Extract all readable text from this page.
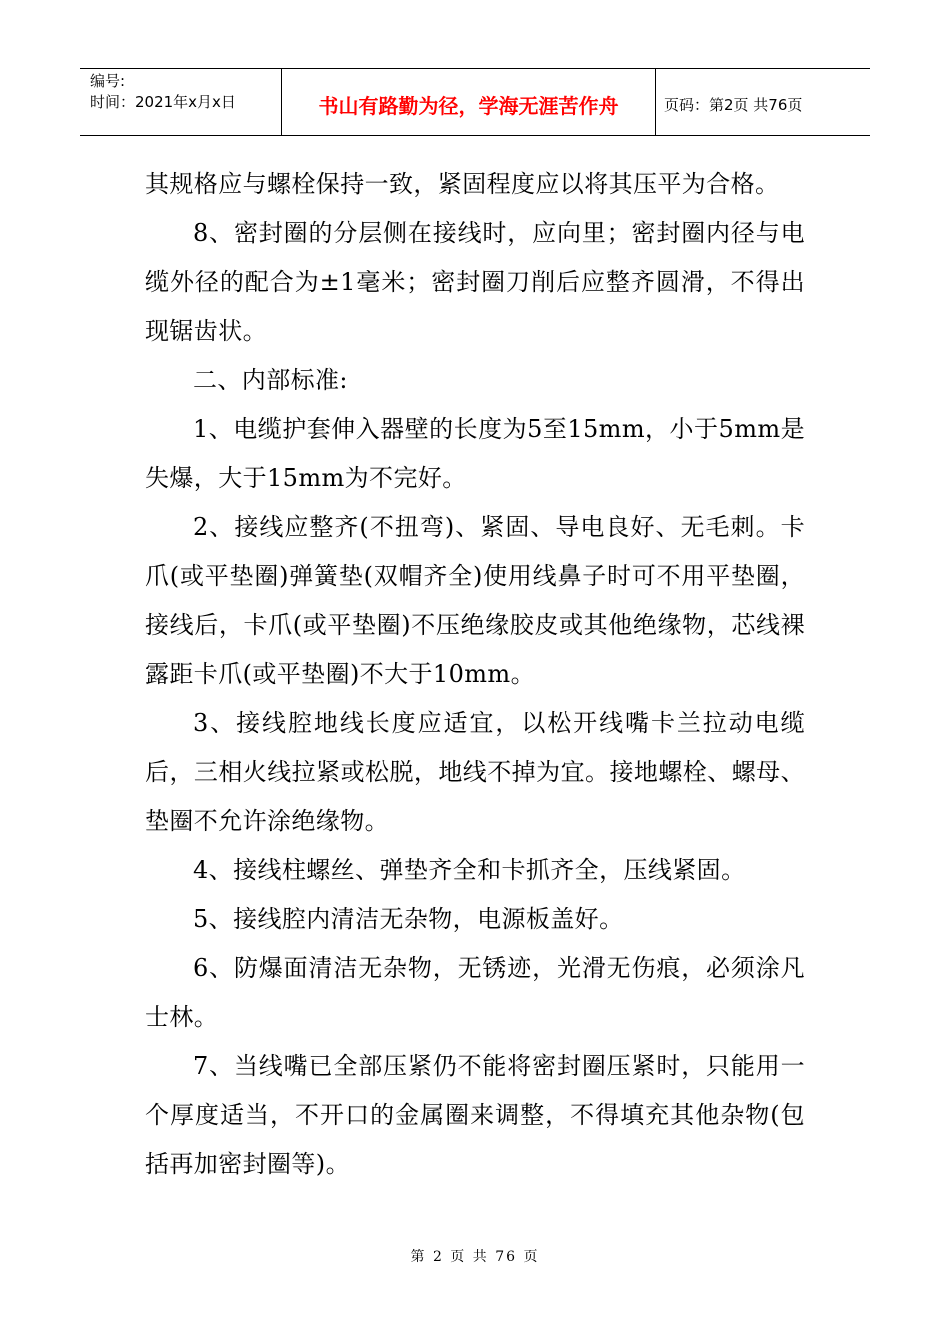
编号:
时间：2021年x月x日	书山有路勤为径，学海无涯苦作舟	页码：第2页 共76页

其规格应与螺栓保持一致，紧固程度应以将其压平为合格。

8、密封圈的分层侧在接线时，应向里；密封圈内径与电缆外径的配合为±1毫米；密封圈刀削后应整齐圆滑，不得出现锯齿状。

二、内部标准:

1、电缆护套伸入器壁的长度为5至15mm，小于5mm是失爆，大于15mm为不完好。

2、接线应整齐(不扭弯)、紧固、导电良好、无毛刺。卡爪(或平垫圈)弹簧垫(双帽齐全)使用线鼻子时可不用平垫圈，接线后，卡爪(或平垫圈)不压绝缘胶皮或其他绝缘物，芯线裸露距卡爪(或平垫圈)不大于10mm。

3、接线腔地线长度应适宜，以松开线嘴卡兰拉动电缆后，三相火线拉紧或松脱，地线不掉为宜。接地螺栓、螺母、垫圈不允许涂绝缘物。

4、接线柱螺丝、弹垫齐全和卡抓齐全，压线紧固。

5、接线腔内清洁无杂物，电源板盖好。

6、防爆面清洁无杂物，无锈迹，光滑无伤痕，必须涂凡士林。

7、当线嘴已全部压紧仍不能将密封圈压紧时，只能用一个厚度适当，不开口的金属圈来调整，不得填充其他杂物(包括再加密封圈等)。

第 2 页 共 76 页
